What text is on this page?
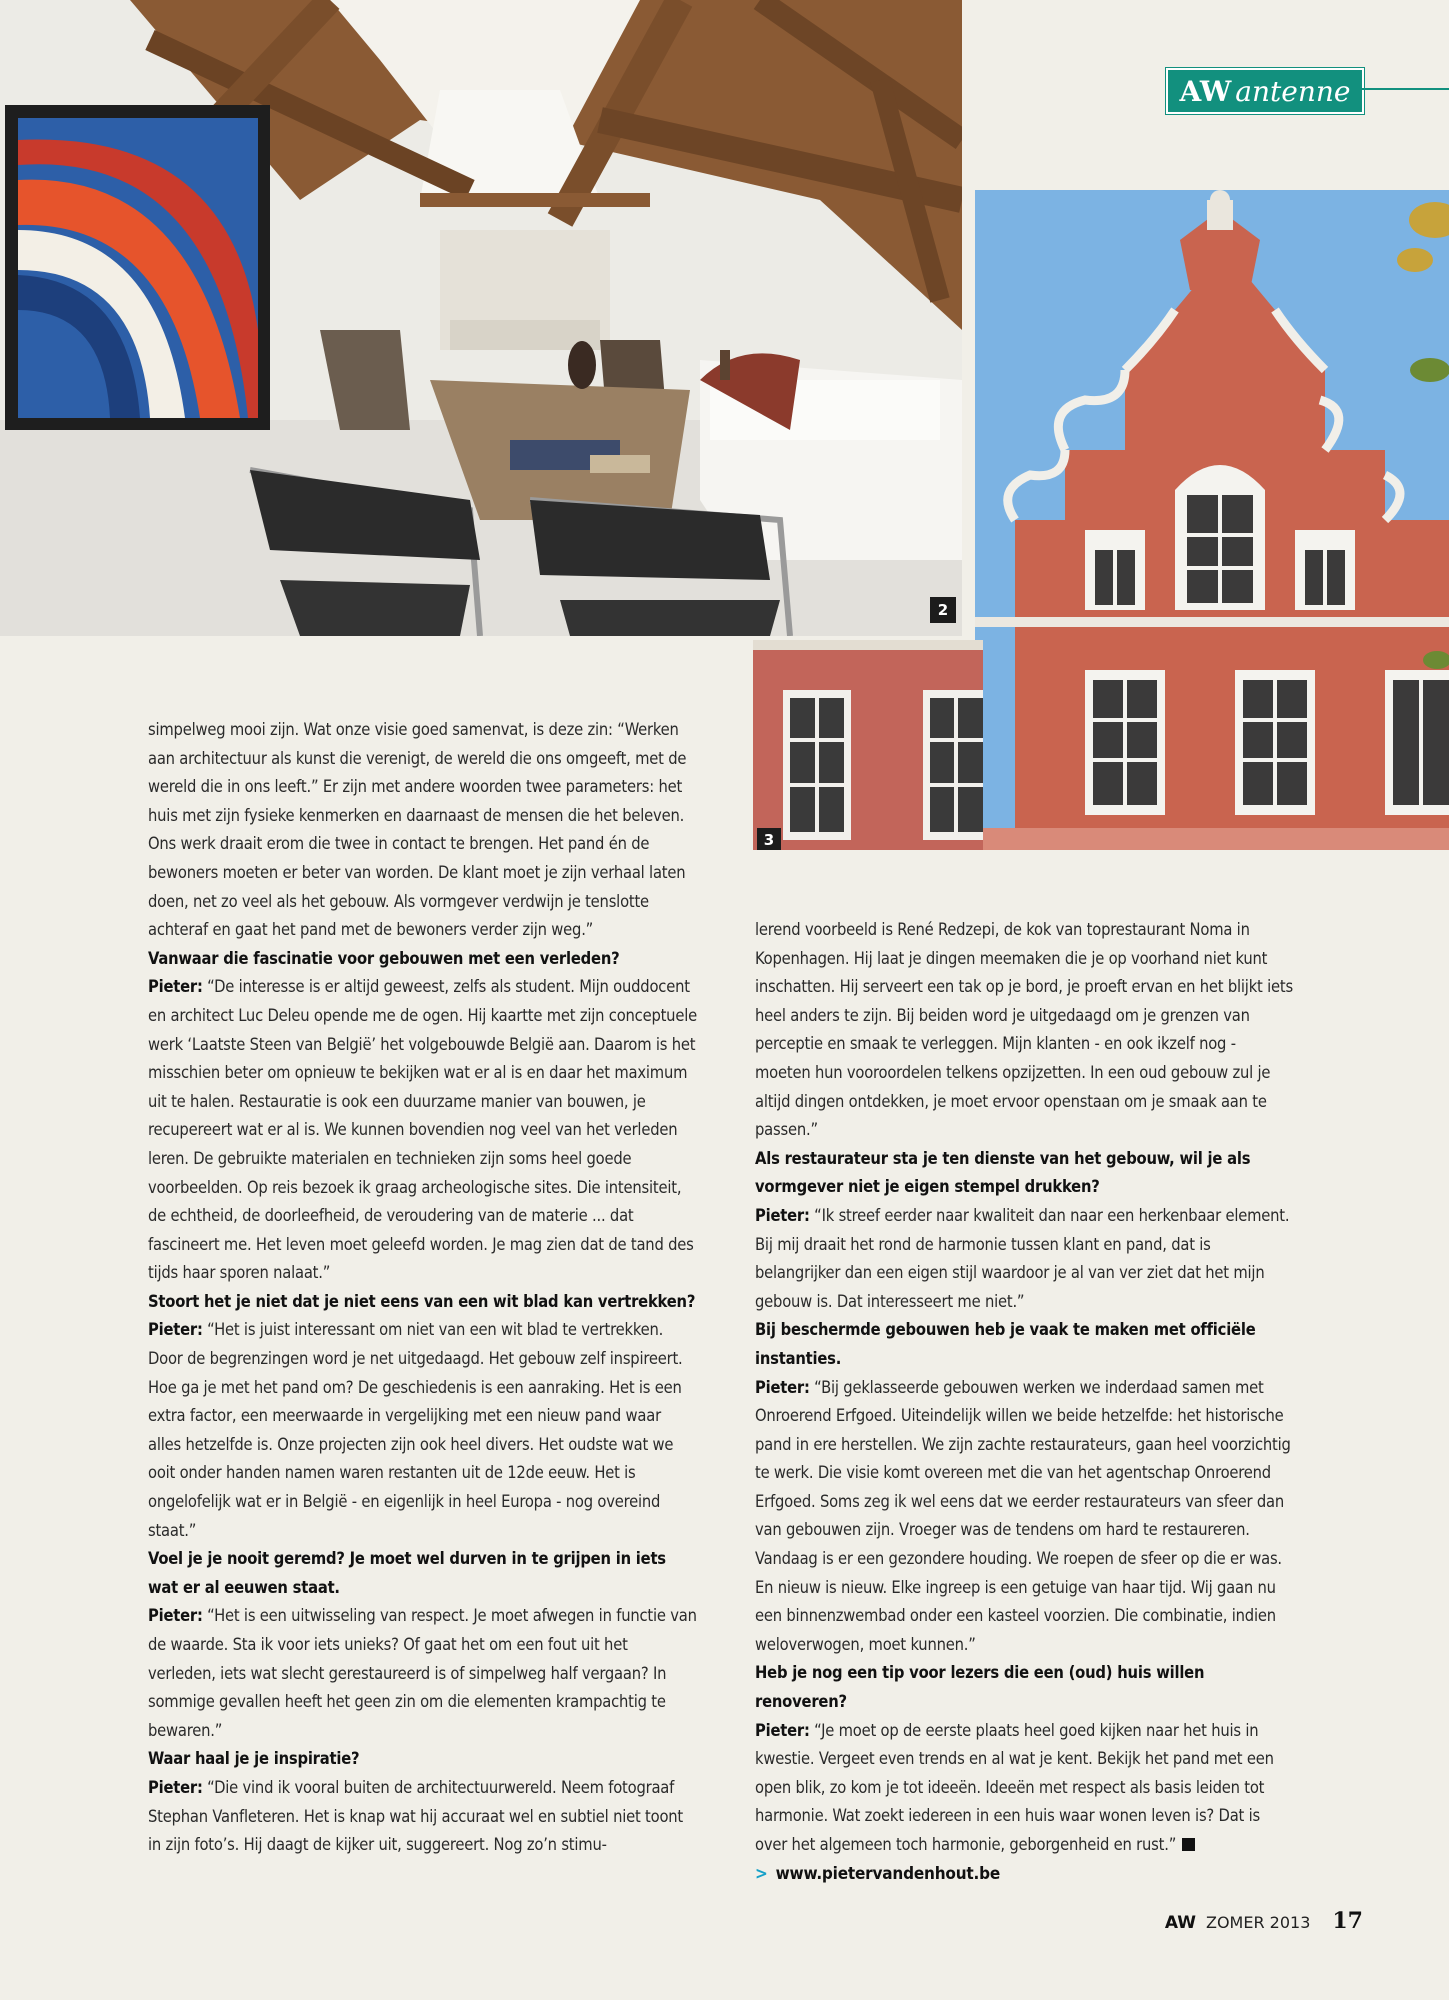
2
3
AW antenne

simpelweg mooi zijn. Wat onze visie goed samenvat, is deze zin: “Werken aan architectuur als kunst die verenigt, de wereld die ons omgeeft, met de wereld die in ons leeft.” Er zijn met andere woorden twee parameters: het huis met zijn fysieke kenmerken en daarnaast de mensen die het beleven. Ons werk draait erom die twee in contact te brengen. Het pand én de bewoners moeten er beter van worden. De klant moet je zijn verhaal laten doen, net zo veel als het gebouw. Als vormgever verdwijn je tenslotte achteraf en gaat het pand met de bewoners verder zijn weg.”

Vanwaar die fascinatie voor gebouwen met een verleden?

Pieter: “De interesse is er altijd geweest, zelfs als student. Mijn ouddocent en architect Luc Deleu opende me de ogen. Hij kaartte met zijn conceptuele werk ‘Laatste Steen van België’ het volgebouwde België aan. Daarom is het misschien beter om opnieuw te bekijken wat er al is en daar het maximum uit te halen. Restauratie is ook een duurzame manier van bouwen, je recupereert wat er al is. We kunnen bovendien nog veel van het verleden leren. De gebruikte materialen en technieken zijn soms heel goede voorbeelden. Op reis bezoek ik graag archeologische sites. Die intensiteit, de echtheid, de doorleefheid, de veroudering van de materie ... dat fascineert me. Het leven moet geleefd worden. Je mag zien dat de tand des tijds haar sporen nalaat.”

Stoort het je niet dat je niet eens van een wit blad kan vertrekken?

Pieter: “Het is juist interessant om niet van een wit blad te vertrekken. Door de begrenzingen word je net uitgedaagd. Het gebouw zelf inspireert. Hoe ga je met het pand om? De geschiedenis is een aanraking. Het is een extra factor, een meerwaarde in vergelijking met een nieuw pand waar alles hetzelfde is. Onze projecten zijn ook heel divers. Het oudste wat we ooit onder handen namen waren restanten uit de 12de eeuw. Het is ongelofelijk wat er in België - en eigenlijk in heel Europa - nog overeind staat.”

Voel je je nooit geremd? Je moet wel durven in te grijpen in iets wat er al eeuwen staat.

Pieter: “Het is een uitwisseling van respect. Je moet afwegen in functie van de waarde. Sta ik voor iets unieks? Of gaat het om een fout uit het verleden, iets wat slecht gerestaureerd is of simpelweg half vergaan? In sommige gevallen heeft het geen zin om die elementen krampachtig te bewaren.”

Waar haal je je inspiratie?

Pieter: “Die vind ik vooral buiten de architectuurwereld. Neem fotograaf Stephan Vanfleteren. Het is knap wat hij accuraat wel en subtiel niet toont in zijn foto’s. Hij daagt de kijker uit, suggereert. Nog zo’n stimu-

lerend voorbeeld is René Redzepi, de kok van toprestaurant Noma in Kopenhagen. Hij laat je dingen meemaken die je op voorhand niet kunt inschatten. Hij serveert een tak op je bord, je proeft ervan en het blijkt iets heel anders te zijn. Bij beiden word je uitgedaagd om je grenzen van perceptie en smaak te verleggen. Mijn klanten - en ook ikzelf nog - moeten hun vooroordelen telkens opzijzetten. In een oud gebouw zul je altijd dingen ontdekken, je moet ervoor openstaan om je smaak aan te passen.”

Als restaurateur sta je ten dienste van het gebouw, wil je als vormgever niet je eigen stempel drukken?

Pieter: “Ik streef eerder naar kwaliteit dan naar een herkenbaar element. Bij mij draait het rond de harmonie tussen klant en pand, dat is belangrijker dan een eigen stijl waardoor je al van ver ziet dat het mijn gebouw is. Dat interesseert me niet.”

Bij beschermde gebouwen heb je vaak te maken met officiële instanties.

Pieter: “Bij geklasseerde gebouwen werken we inderdaad samen met Onroerend Erfgoed. Uiteindelijk willen we beide hetzelfde: het historische pand in ere herstellen. We zijn zachte restaurateurs, gaan heel voorzichtig te werk. Die visie komt overeen met die van het agentschap Onroerend Erfgoed. Soms zeg ik wel eens dat we eerder restaurateurs van sfeer dan van gebouwen zijn. Vroeger was de tendens om hard te restaureren. Vandaag is er een gezondere houding. We roepen de sfeer op die er was. En nieuw is nieuw. Elke ingreep is een getuige van haar tijd. Wij gaan nu een binnenzwembad onder een kasteel voorzien. Die combinatie, indien weloverwogen, moet kunnen.”

Heb je nog een tip voor lezers die een (oud) huis willen renoveren?

Pieter: “Je moet op de eerste plaats heel goed kijken naar het huis in kwestie. Vergeet even trends en al wat je kent. Bekijk het pand met een open blik, zo kom je tot ideeën. Ideeën met respect als basis leiden tot harmonie. Wat zoekt iedereen in een huis waar wonen leven is? Dat is over het algemeen toch harmonie, geborgenheid en rust.”

> www.pietervandenhout.be

AW ZOMER 2013 17
